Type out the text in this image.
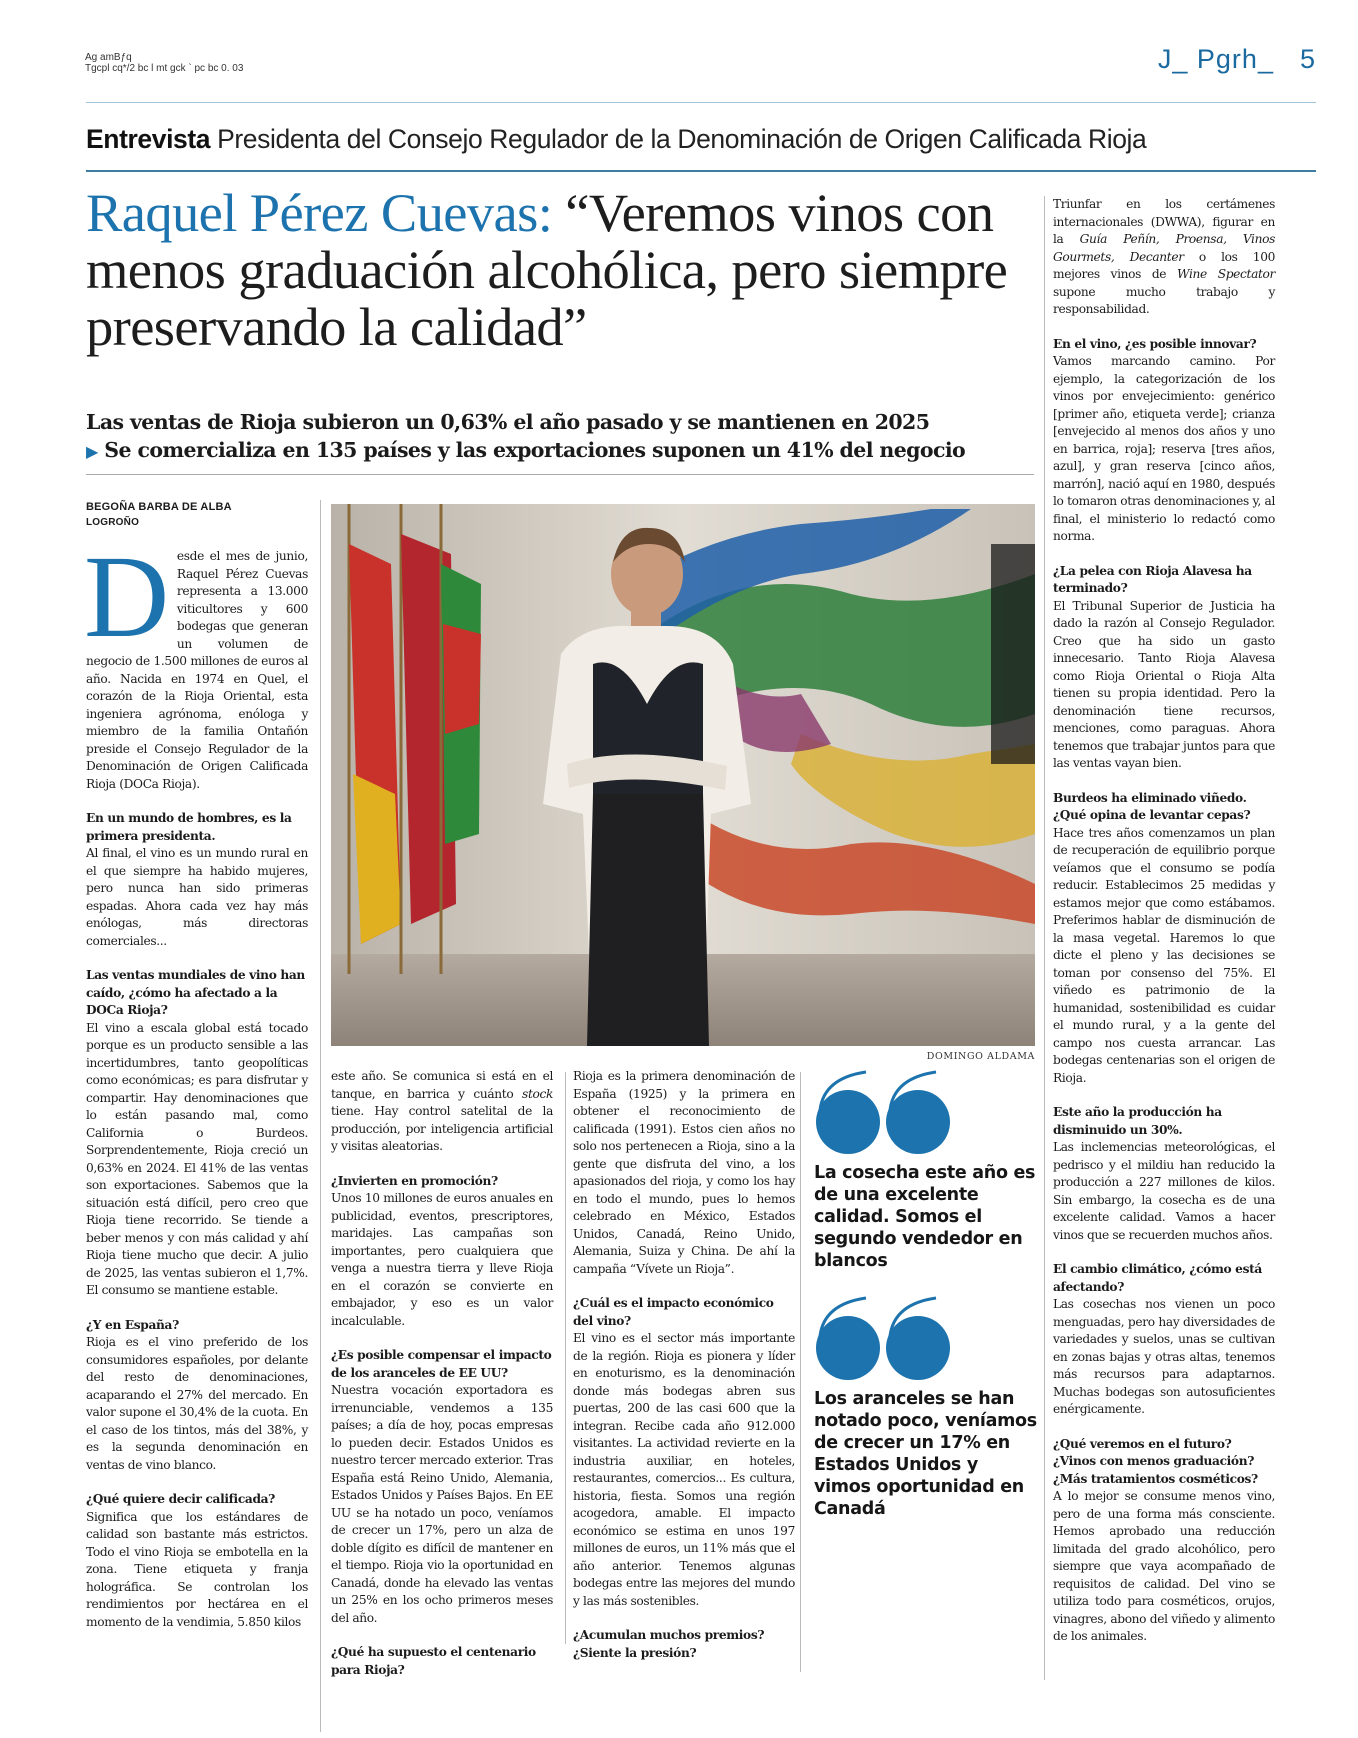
Ag amBƒq
Tgcpl cq*/2 bc l mt gck ` pc bc 0. 03	J_ Pgrh_ 5
Entrevista Presidenta del Consejo Regulador de la Denominación de Origen Calificada Rioja
Raquel Pérez Cuevas: “Veremos vinos con menos graduación alcohólica, pero siempre preservando la calidad”
Las ventas de Rioja subieron un 0,63% el año pasado y se mantienen en 2025
▶ Se comercializa en 135 países y las exportaciones suponen un 41% del negocio
BEGOÑA BARBA DE ALBA
LOGROÑO

Desde el mes de junio, Raquel Pérez Cuevas representa a 13.000 viticultores y 600 bodegas que generan un volumen de negocio de 1.500 millones de euros al año. Nacida en 1974 en Quel, el corazón de la Rioja Oriental, esta ingeniera agrónoma, enóloga y miembro de la familia Ontañón preside el Consejo Regulador de la Denominación de Origen Calificada Rioja (DOCa Rioja).

En un mundo de hombres, es la primera presidenta.

Al final, el vino es un mundo rural en el que siempre ha habido mujeres, pero nunca han sido primeras espadas. Ahora cada vez hay más enólogas, más directoras comerciales...

Las ventas mundiales de vino han caído, ¿cómo ha afectado a la DOCa Rioja?

El vino a escala global está tocado porque es un producto sensible a las incertidumbres, tanto geopolíticas como económicas; es para disfrutar y compartir. Hay denominaciones que lo están pasando mal, como California o Burdeos. Sorprendentemente, Rioja creció un 0,63% en 2024. El 41% de las ventas son exportaciones. Sabemos que la situación está difícil, pero creo que Rioja tiene recorrido. Se tiende a beber menos y con más calidad y ahí Rioja tiene mucho que decir. A julio de 2025, las ventas subieron el 1,7%. El consumo se mantiene estable.

¿Y en España?

Rioja es el vino preferido de los consumidores españoles, por delante del resto de denominaciones, acaparando el 27% del mercado. En valor supone el 30,4% de la cuota. En el caso de los tintos, más del 38%, y es la segunda denominación en ventas de vino blanco.

¿Qué quiere decir calificada?

Significa que los estándares de calidad son bastante más estrictos. Todo el vino Rioja se embotella en la zona. Tiene etiqueta y franja holográfica. Se controlan los rendimientos por hectárea en el momento de la vendimia, 5.850 kilos

DOMINGO ALDAMA

este año. Se comunica si está en el tanque, en barrica y cuánto stock tiene. Hay control satelital de la producción, por inteligencia artificial y visitas aleatorias.

¿Invierten en promoción?

Unos 10 millones de euros anuales en publicidad, eventos, prescriptores, maridajes. Las campañas son importantes, pero cualquiera que venga a nuestra tierra y lleve Rioja en el corazón se convierte en embajador, y eso es un valor incalculable.

¿Es posible compensar el impacto de los aranceles de EE UU?

Nuestra vocación exportadora es irrenunciable, vendemos a 135 países; a día de hoy, pocas empresas lo pueden decir. Estados Unidos es nuestro tercer mercado exterior. Tras España está Reino Unido, Alemania, Estados Unidos y Países Bajos. En EE UU se ha notado un poco, veníamos de crecer un 17%, pero un alza de doble dígito es difícil de mantener en el tiempo. Rioja vio la oportunidad en Canadá, donde ha elevado las ventas un 25% en los ocho primeros meses del año.

¿Qué ha supuesto el centenario para Rioja?

Rioja es la primera denominación de España (1925) y la primera en obtener el reconocimiento de calificada (1991). Estos cien años no solo nos pertenecen a Rioja, sino a la gente que disfruta del vino, a los apasionados del rioja, y como los hay en todo el mundo, pues lo hemos celebrado en México, Estados Unidos, Canadá, Reino Unido, Alemania, Suiza y China. De ahí la campaña “Vívete un Rioja”.

¿Cuál es el impacto económico del vino?

El vino es el sector más importante de la región. Rioja es pionera y líder en enoturismo, es la denominación donde más bodegas abren sus puertas, 200 de las casi 600 que la integran. Recibe cada año 912.000 visitantes. La actividad revierte en la industria auxiliar, en hoteles, restaurantes, comercios... Es cultura, historia, fiesta. Somos una región acogedora, amable. El impacto económico se estima en unos 197 millones de euros, un 11% más que el año anterior. Tenemos algunas bodegas entre las mejores del mundo y las más sostenibles.

¿Acumulan muchos premios? ¿Siente la presión?

La cosecha este año es de una excelente calidad. Somos el segundo vendedor en blancos
Los aranceles se han notado poco, veníamos de crecer un 17% en Estados Unidos y vimos oportunidad en Canadá

Triunfar en los certámenes internacionales (DWWA), figurar en la Guía Peñín, Proensa, Vinos Gourmets, Decanter o los 100 mejores vinos de Wine Spectator supone mucho trabajo y responsabilidad.

En el vino, ¿es posible innovar?

Vamos marcando camino. Por ejemplo, la categorización de los vinos por envejecimiento: genérico [primer año, etiqueta verde]; crianza [envejecido al menos dos años y uno en barrica, roja]; reserva [tres años, azul], y gran reserva [cinco años, marrón], nació aquí en 1980, después lo tomaron otras denominaciones y, al final, el ministerio lo redactó como norma.

¿La pelea con Rioja Alavesa ha terminado?

El Tribunal Superior de Justicia ha dado la razón al Consejo Regulador. Creo que ha sido un gasto innecesario. Tanto Rioja Alavesa como Rioja Oriental o Rioja Alta tienen su propia identidad. Pero la denominación tiene recursos, menciones, como paraguas. Ahora tenemos que trabajar juntos para que las ventas vayan bien.

Burdeos ha eliminado viñedo. ¿Qué opina de levantar cepas?

Hace tres años comenzamos un plan de recuperación de equilibrio porque veíamos que el consumo se podía reducir. Establecimos 25 medidas y estamos mejor que como estábamos. Preferimos hablar de disminución de la masa vegetal. Haremos lo que dicte el pleno y las decisiones se toman por consenso del 75%. El viñedo es patrimonio de la humanidad, sostenibilidad es cuidar el mundo rural, y a la gente del campo nos cuesta arrancar. Las bodegas centenarias son el origen de Rioja.

Este año la producción ha disminuido un 30%.

Las inclemencias meteorológicas, el pedrisco y el mildiu han reducido la producción a 227 millones de kilos. Sin embargo, la cosecha es de una excelente calidad. Vamos a hacer vinos que se recuerden muchos años.

El cambio climático, ¿cómo está afectando?

Las cosechas nos vienen un poco menguadas, pero hay diversidades de variedades y suelos, unas se cultivan en zonas bajas y otras altas, tenemos más recursos para adaptarnos. Muchas bodegas son autosuficientes enérgicamente.

¿Qué veremos en el futuro? ¿Vinos con menos graduación? ¿Más tratamientos cosméticos?

A lo mejor se consume menos vino, pero de una forma más consciente. Hemos aprobado una reducción limitada del grado alcohólico, pero siempre que vaya acompañado de requisitos de calidad. Del vino se utiliza todo para cosméticos, orujos, vinagres, abono del viñedo y alimento de los animales.
